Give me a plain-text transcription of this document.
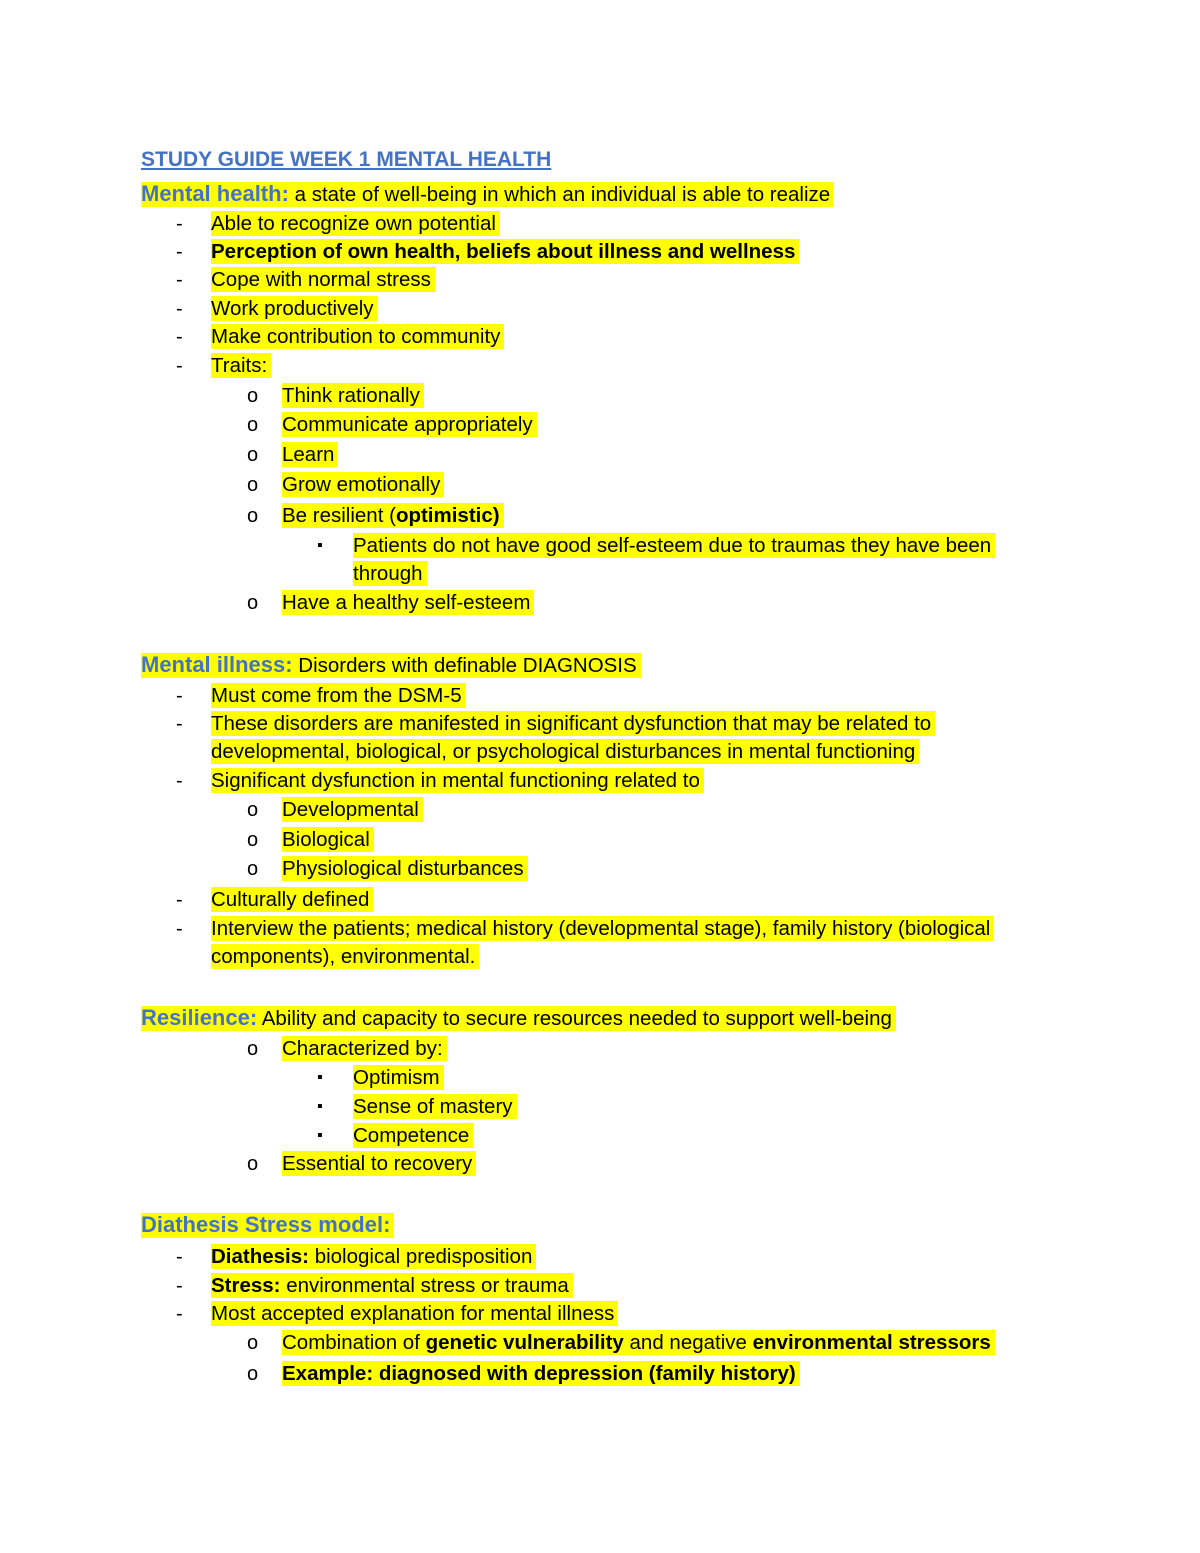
STUDY GUIDE WEEK 1 MENTAL HEALTH
Mental health: a state of well-being in which an individual is able to realize
-	Able to recognize own potential
-	Perception of own health, beliefs about illness and wellness
-	Cope with normal stress
-	Work productively
-	Make contribution to community
-	Traits:
o	Think rationally
o	Communicate appropriately
o	Learn
o	Grow emotionally
o	Be resilient (optimistic)
▪	Patients do not have good self-esteem due to traumas they have been
through
o	Have a healthy self-esteem
Mental illness: Disorders with definable DIAGNOSIS
-	Must come from the DSM-5
-	These disorders are manifested in significant dysfunction that may be related to
developmental, biological, or psychological disturbances in mental functioning
-	Significant dysfunction in mental functioning related to
o	Developmental
o	Biological
o	Physiological disturbances
-	Culturally defined
-	Interview the patients; medical history (developmental stage), family history (biological
components), environmental.
Resilience: Ability and capacity to secure resources needed to support well-being
o	Characterized by:
▪	Optimism
▪	Sense of mastery
▪	Competence
o	Essential to recovery
Diathesis Stress model:
-	Diathesis: biological predisposition
-	Stress: environmental stress or trauma
-	Most accepted explanation for mental illness
o	Combination of genetic vulnerability and negative environmental stressors
o	Example: diagnosed with depression (family history)
